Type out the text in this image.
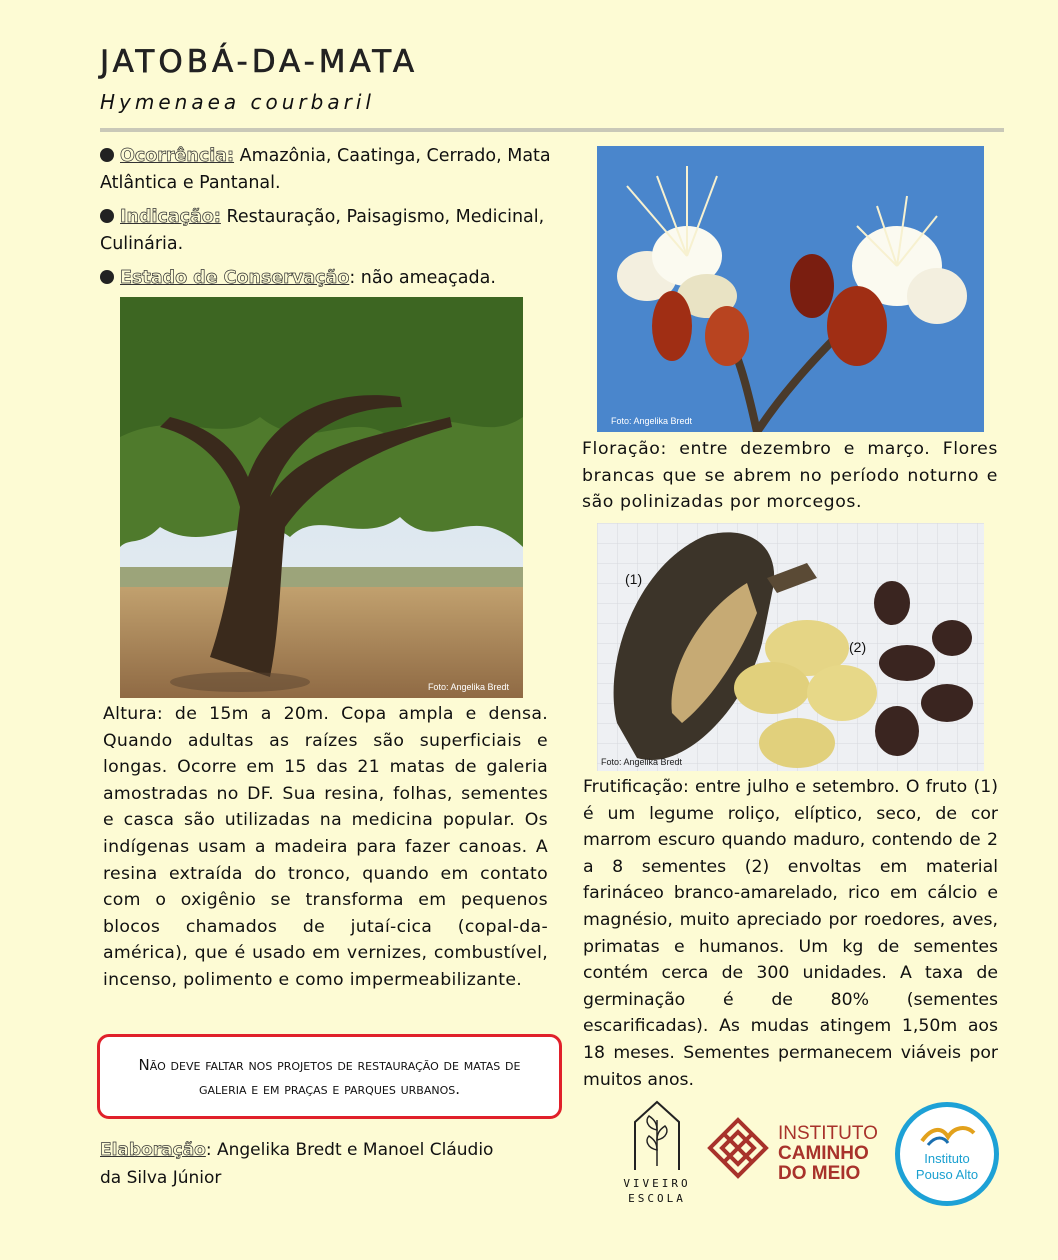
JATOBÁ-DA-MATA
Hymenaea courbaril
Ocorrência: Amazônia, Caatinga, Cerrado, Mata Atlântica e Pantanal.
Indicação: Restauração, Paisagismo, Medicinal, Culinária.
Estado de Conservação: não ameaçada.
Foto: Angelika Bredt
Foto: Angelika Bredt
Floração: entre dezembro e março. Flores brancas que se abrem no período noturno e são polinizadas por morcegos.
(1)
(2)
Foto: Angelika Bredt
Altura: de 15m a 20m. Copa ampla e densa. Quando adultas as raízes são superficiais e longas. Ocorre em 15 das 21 matas de galeria amostradas no DF. Sua resina, folhas, sementes e casca são utilizadas na medicina popular. Os indígenas usam a madeira para fazer canoas. A resina extraída do tronco, quando em contato com o oxigênio se transforma em pequenos blocos chamados de jutaí-cica (copal-da-américa), que é usado em vernizes, combustível, incenso, polimento e como impermeabilizante.
Frutificação: entre julho e setembro. O fruto (1) é um legume roliço, elíptico, seco, de cor marrom escuro quando maduro, contendo de 2 a 8 sementes (2) envoltas em material farináceo branco-amarelado, rico em cálcio e magnésio, muito apreciado por roedores, aves, primatas e humanos. Um kg de sementes contém cerca de 300 unidades. A taxa de germinação é de 80% (sementes escarificadas). As mudas atingem 1,50m aos 18 meses. Sementes permanecem viáveis por muitos anos.
Não deve faltar nos projetos de restauração de matas de galeria e em praças e parques urbanos.
Elaboração: Angelika Bredt e Manoel Cláudio da Silva Júnior	VIVEIRO
ESCOLA
INSTITUTO
CAMINHO
DO MEIO
Instituto
Pouso Alto
